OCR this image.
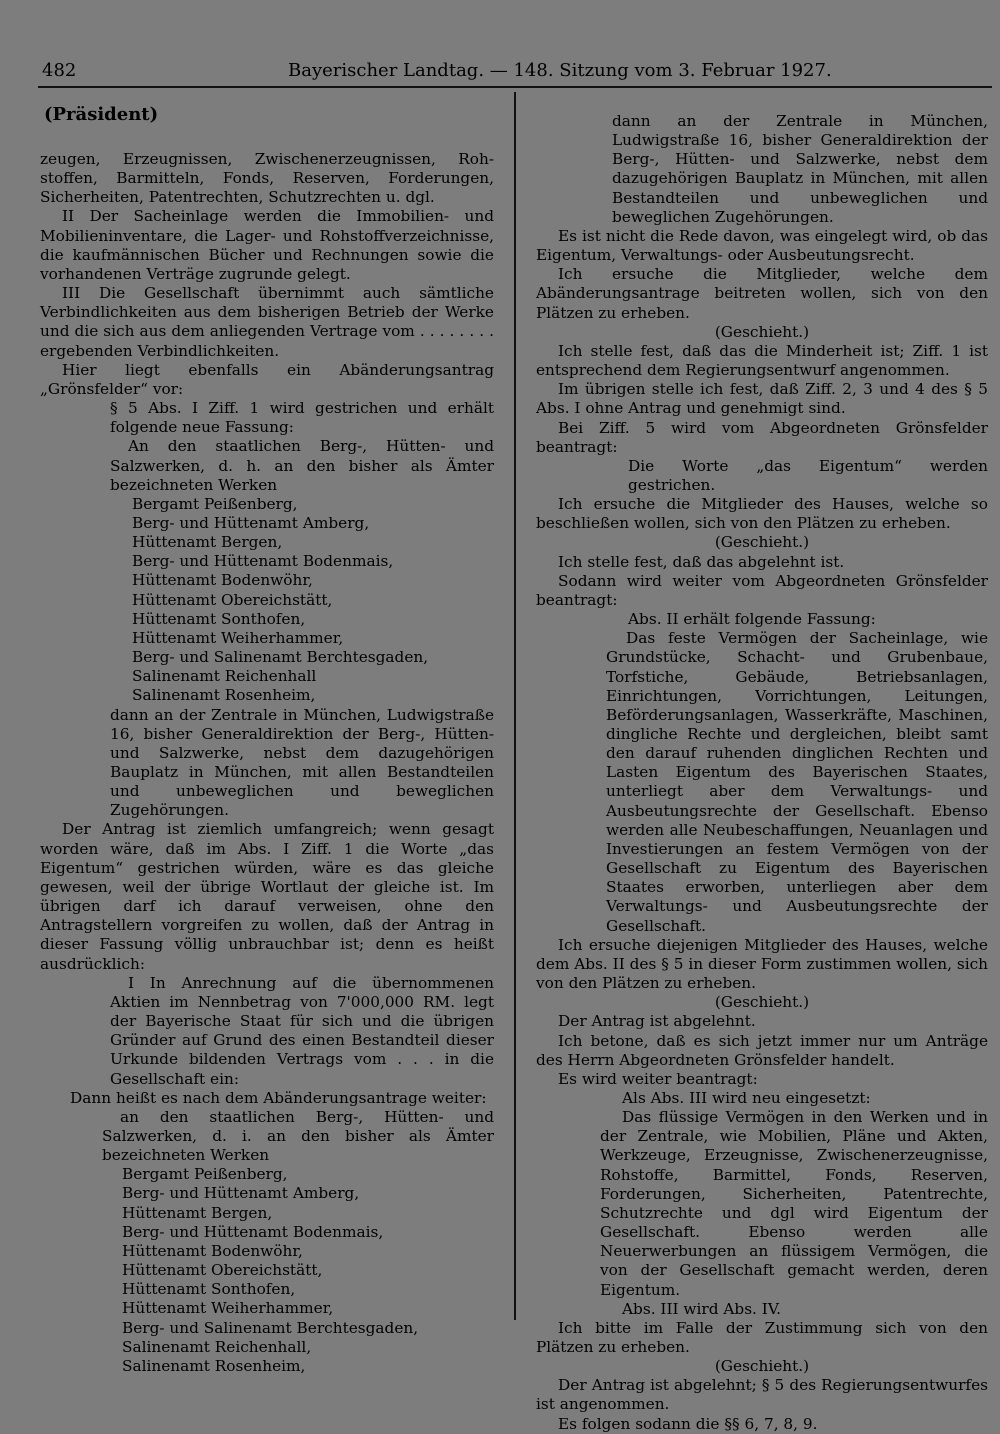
482	Bayerischer Landtag. — 148. Sitzung vom 3. Februar 1927.
(Präsident)

zeugen, Erzeugnissen, Zwischenerzeugnissen, Roh-stoffen, Barmitteln, Fonds, Reserven, Forderungen, Sicherheiten, Patentrechten, Schutzrechten u. dgl.

II Der Sacheinlage werden die Immobilien- und Mobilieninventare, die Lager- und Rohstoffverzeichnisse, die kaufmännischen Bücher und Rechnungen sowie die vorhandenen Verträge zugrunde gelegt.

III Die Gesellschaft übernimmt auch sämtliche Verbindlichkeiten aus dem bisherigen Betrieb der Werke und die sich aus dem anliegenden Vertrage vom . . . . . . . . ergebenden Verbindlichkeiten.

Hier liegt ebenfalls ein Abänderungsantrag „Grönsfelder“ vor:

§ 5 Abs. I Ziff. 1 wird gestrichen und erhält folgende neue Fassung:

An den staatlichen Berg-, Hütten- und Salzwerken, d. h. an den bisher als Ämter bezeichneten Werken

Bergamt Peißenberg,

Berg- und Hüttenamt Amberg,

Hüttenamt Bergen,

Berg- und Hüttenamt Bodenmais,

Hüttenamt Bodenwöhr,

Hüttenamt Obereichstätt,

Hüttenamt Sonthofen,

Hüttenamt Weiherhammer,

Berg- und Salinenamt Berchtesgaden,

Salinenamt Reichenhall

Salinenamt Rosenheim,

dann an der Zentrale in München, Ludwigstraße 16, bisher Generaldirektion der Berg-, Hütten- und Salzwerke, nebst dem dazugehörigen Bauplatz in München, mit allen Bestandteilen und unbeweglichen und beweglichen Zugehörungen.

Der Antrag ist ziemlich umfangreich; wenn gesagt worden wäre, daß im Abs. I Ziff. 1 die Worte „das Eigentum“ gestrichen würden, wäre es das gleiche gewesen, weil der übrige Wortlaut der gleiche ist. Im übrigen darf ich darauf verweisen, ohne den Antragstellern vorgreifen zu wollen, daß der Antrag in dieser Fassung völlig unbrauchbar ist; denn es heißt ausdrücklich:

I In Anrechnung auf die übernommenen Aktien im Nennbetrag von 7'000,000 RM. legt der Bayerische Staat für sich und die übrigen Gründer auf Grund des einen Bestandteil dieser Urkunde bildenden Vertrags vom . . . in die Gesellschaft ein:

Dann heißt es nach dem Abänderungsantrage weiter:

an den staatlichen Berg-, Hütten- und Salzwerken, d. i. an den bisher als Ämter bezeichneten Werken

Bergamt Peißenberg,

Berg- und Hüttenamt Amberg,

Hüttenamt Bergen,

Berg- und Hüttenamt Bodenmais,

Hüttenamt Bodenwöhr,

Hüttenamt Obereichstätt,

Hüttenamt Sonthofen,

Hüttenamt Weiherhammer,

Berg- und Salinenamt Berchtesgaden,

Salinenamt Reichenhall,

Salinenamt Rosenheim,

dann an der Zentrale in München, Ludwigstraße 16, bisher Generaldirektion der Berg-, Hütten- und Salzwerke, nebst dem dazugehörigen Bauplatz in München, mit allen Bestandteilen und unbeweglichen und beweglichen Zugehörungen.

Es ist nicht die Rede davon, was eingelegt wird, ob das Eigentum, Verwaltungs- oder Ausbeutungsrecht.

Ich ersuche die Mitglieder, welche dem Abänderungsantrage beitreten wollen, sich von den Plätzen zu erheben.

(Geschieht.)

Ich stelle fest, daß das die Minderheit ist; Ziff. 1 ist entsprechend dem Regierungsentwurf angenommen.

Im übrigen stelle ich fest, daß Ziff. 2, 3 und 4 des § 5 Abs. I ohne Antrag und genehmigt sind.

Bei Ziff. 5 wird vom Abgeordneten Grönsfelder beantragt:

Die Worte „das Eigentum“ werden gestrichen.

Ich ersuche die Mitglieder des Hauses, welche so beschließen wollen, sich von den Plätzen zu erheben.

(Geschieht.)

Ich stelle fest, daß das abgelehnt ist.

Sodann wird weiter vom Abgeordneten Grönsfelder beantragt:

Abs. II erhält folgende Fassung:

Das feste Vermögen der Sacheinlage, wie Grundstücke, Schacht- und Grubenbaue, Torfstiche, Gebäude, Betriebsanlagen, Einrichtungen, Vorrichtungen, Leitungen, Beförderungsanlagen, Wasserkräfte, Maschinen, dingliche Rechte und dergleichen, bleibt samt den darauf ruhenden dinglichen Rechten und Lasten Eigentum des Bayerischen Staates, unterliegt aber dem Verwaltungs- und Ausbeutungsrechte der Gesellschaft. Ebenso werden alle Neubeschaffungen, Neuanlagen und Investierungen an festem Vermögen von der Gesellschaft zu Eigentum des Bayerischen Staates erworben, unterliegen aber dem Verwaltungs- und Ausbeutungsrechte der Gesellschaft.

Ich ersuche diejenigen Mitglieder des Hauses, welche dem Abs. II des § 5 in dieser Form zustimmen wollen, sich von den Plätzen zu erheben.

(Geschieht.)

Der Antrag ist abgelehnt.

Ich betone, daß es sich jetzt immer nur um Anträge des Herrn Abgeordneten Grönsfelder handelt.

Es wird weiter beantragt:

Als Abs. III wird neu eingesetzt:

Das flüssige Vermögen in den Werken und in der Zentrale, wie Mobilien, Pläne und Akten, Werkzeuge, Erzeugnisse, Zwischenerzeugnisse, Rohstoffe, Barmittel, Fonds, Reserven, Forderungen, Sicherheiten, Patentrechte, Schutzrechte und dgl wird Eigentum der Gesellschaft. Ebenso werden alle Neuerwerbungen an flüssigem Vermögen, die von der Gesellschaft gemacht werden, deren Eigentum.

Abs. III wird Abs. IV.

Ich bitte im Falle der Zustimmung sich von den Plätzen zu erheben.

(Geschieht.)

Der Antrag ist abgelehnt; § 5 des Regierungsentwurfes ist angenommen.

Es folgen sodann die §§ 6, 7, 8, 9.
